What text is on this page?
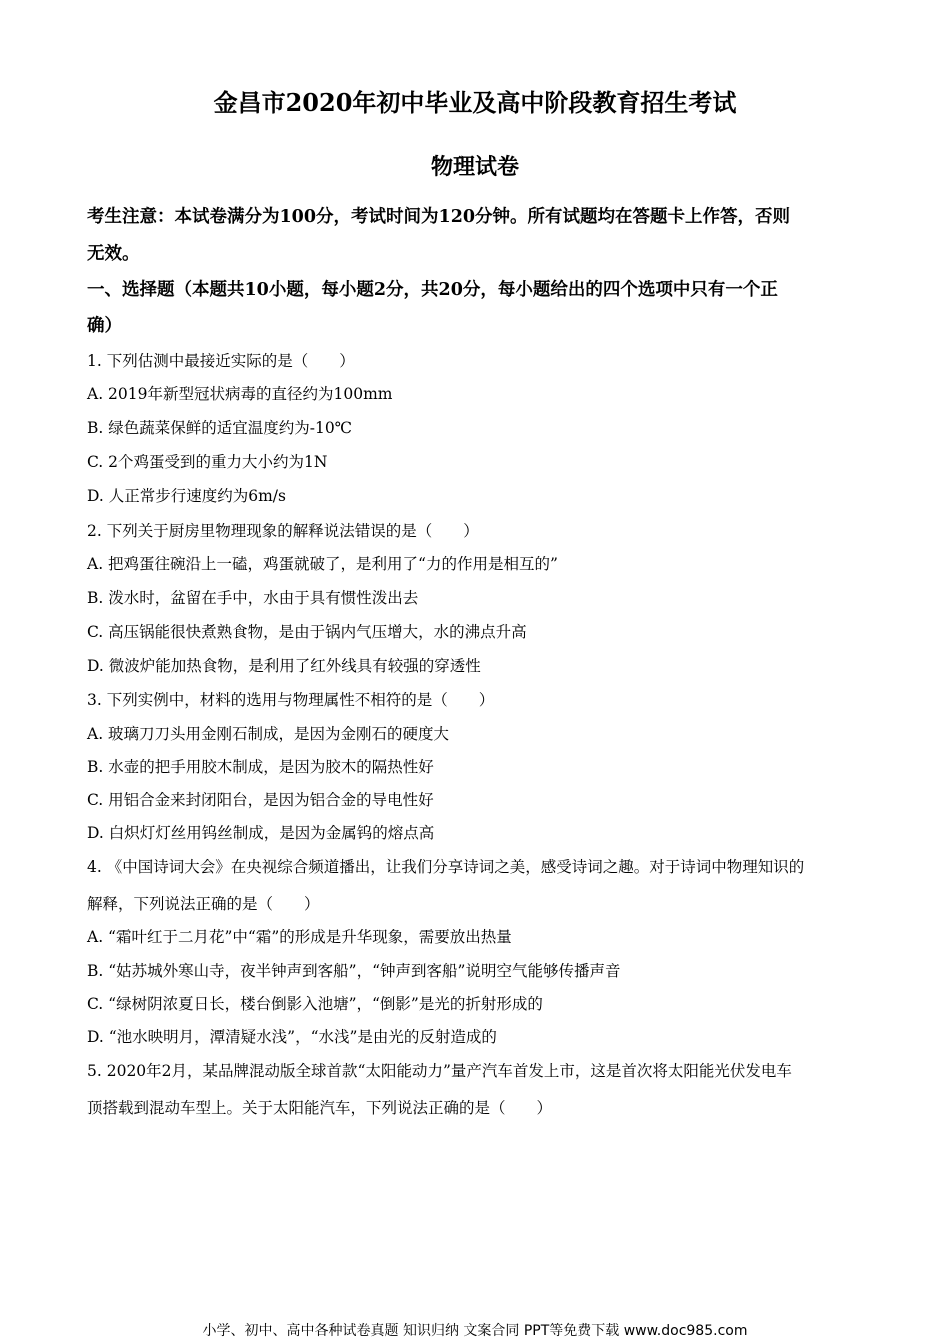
金昌市2020年初中毕业及高中阶段教育招生考试
物理试卷
考生注意：本试卷满分为100分，考试时间为120分钟。所有试题均在答题卡上作答，否则
无效。
一、选择题（本题共10小题，每小题2分，共20分，每小题给出的四个选项中只有一个正
确）
1. 下列估测中最接近实际的是（　　）
A. 2019年新型冠状病毒的直径约为100mm
B. 绿色蔬菜保鲜的适宜温度约为-10℃
C. 2个鸡蛋受到的重力大小约为1N
D. 人正常步行速度约为6m/s
2. 下列关于厨房里物理现象的解释说法错误的是（　　）
A. 把鸡蛋往碗沿上一磕，鸡蛋就破了，是利用了“力的作用是相互的”
B. 泼水时，盆留在手中，水由于具有惯性泼出去
C. 高压锅能很快煮熟食物，是由于锅内气压增大，水的沸点升高
D. 微波炉能加热食物，是利用了红外线具有较强的穿透性
3. 下列实例中，材料的选用与物理属性不相符的是（　　）
A. 玻璃刀刀头用金刚石制成，是因为金刚石的硬度大
B. 水壶的把手用胶木制成，是因为胶木的隔热性好
C. 用铝合金来封闭阳台，是因为铝合金的导电性好
D. 白炽灯灯丝用钨丝制成，是因为金属钨的熔点高
4. 《中国诗词大会》在央视综合频道播出，让我们分享诗词之美，感受诗词之趣。对于诗词中物理知识的
解释，下列说法正确的是（　　）
A. “霜叶红于二月花”中“霜”的形成是升华现象，需要放出热量
B. “姑苏城外寒山寺，夜半钟声到客船”，“钟声到客船”说明空气能够传播声音
C. “绿树阴浓夏日长，楼台倒影入池塘”，“倒影”是光的折射形成的
D. “池水映明月，潭清疑水浅”，“水浅”是由光的反射造成的
5. 2020年2月，某品牌混动版全球首款“太阳能动力”量产汽车首发上市，这是首次将太阳能光伏发电车
顶搭载到混动车型上。关于太阳能汽车，下列说法正确的是（　　）
小学、初中、高中各种试卷真题 知识归纳 文案合同 PPT等免费下载 www.doc985.com
